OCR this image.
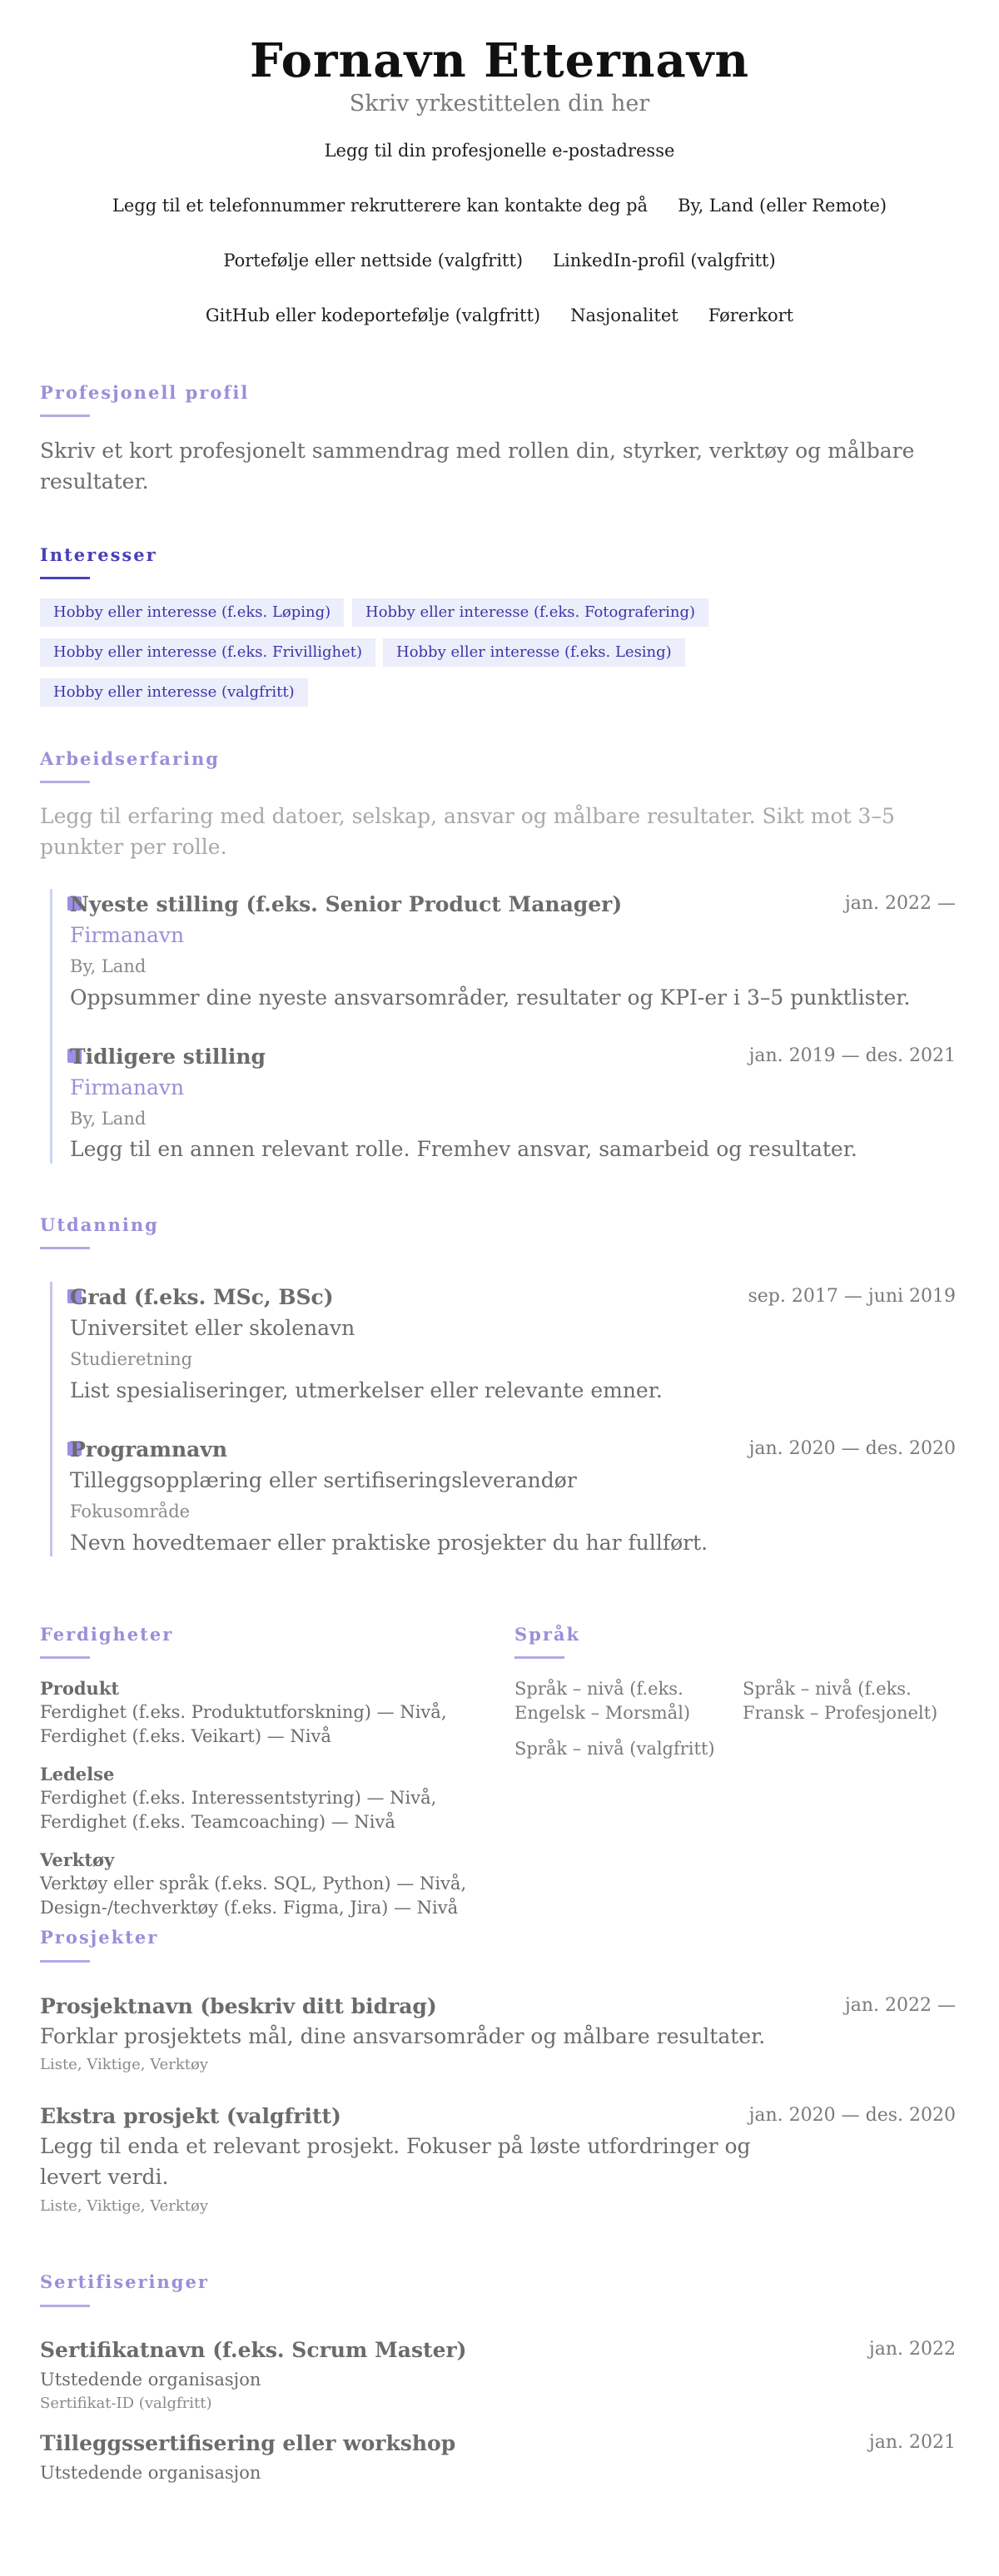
Fornavn Etternavn
Skriv yrkestittelen din her
Legg til din profesjonelle e-postadresse
Legg til et telefonnummer rekrutterere kan kontakte deg på By, Land (eller Remote)
Portefølje eller nettside (valgfritt) LinkedIn-profil (valgfritt)
GitHub eller kodeportefølje (valgfritt) Nasjonalitet Førerkort
Profesjonell profil
Skriv et kort profesjonelt sammendrag med rollen din, styrker, verktøy og målbare resultater.
Interesser
Hobby eller interesse (f.eks. Løping)	Hobby eller interesse (f.eks. Fotografering)
Hobby eller interesse (f.eks. Frivillighet)	Hobby eller interesse (f.eks. Lesing)
Hobby eller interesse (valgfritt)
Arbeidserfaring
Legg til erfaring med datoer, selskap, ansvar og målbare resultater. Sikt mot 3–5 punkter per rolle.
Nyeste stilling (f.eks. Senior Product Manager)	jan. 2022 —
Firmanavn
By, Land
Oppsummer dine nyeste ansvarsområder, resultater og KPI-er i 3–5 punktlister.
Tidligere stilling	jan. 2019 — des. 2021
Firmanavn
By, Land
Legg til en annen relevant rolle. Fremhev ansvar, samarbeid og resultater.
Utdanning
Grad (f.eks. MSc, BSc)	sep. 2017 — juni 2019
Universitet eller skolenavn
Studieretning
List spesialiseringer, utmerkelser eller relevante emner.
Programnavn	jan. 2020 — des. 2020
Tilleggsopplæring eller sertifiseringsleverandør
Fokusområde
Nevn hovedtemaer eller praktiske prosjekter du har fullført.
Ferdigheter
Produkt
Ferdighet (f.eks. Produktutforskning) — Nivå,
Ferdighet (f.eks. Veikart) — Nivå
Ledelse
Ferdighet (f.eks. Interessentstyring) — Nivå,
Ferdighet (f.eks. Teamcoaching) — Nivå
Verktøy
Verktøy eller språk (f.eks. SQL, Python) — Nivå,
Design-/techverktøy (f.eks. Figma, Jira) — Nivå
Språk
Språk – nivå (f.eks. Engelsk – Morsmål)
Språk – nivå (f.eks. Fransk – Profesjonelt)
Språk – nivå (valgfritt)
Prosjekter
Prosjektnavn (beskriv ditt bidrag)	jan. 2022 —
Forklar prosjektets mål, dine ansvarsområder og målbare resultater.
Liste, Viktige, Verktøy
Ekstra prosjekt (valgfritt)	jan. 2020 — des. 2020
Legg til enda et relevant prosjekt. Fokuser på løste utfordringer og levert verdi.
Liste, Viktige, Verktøy
Sertifiseringer
Sertifikatnavn (f.eks. Scrum Master)	jan. 2022
Utstedende organisasjon
Sertifikat-ID (valgfritt)
Tilleggssertifisering eller workshop	jan. 2021
Utstedende organisasjon
